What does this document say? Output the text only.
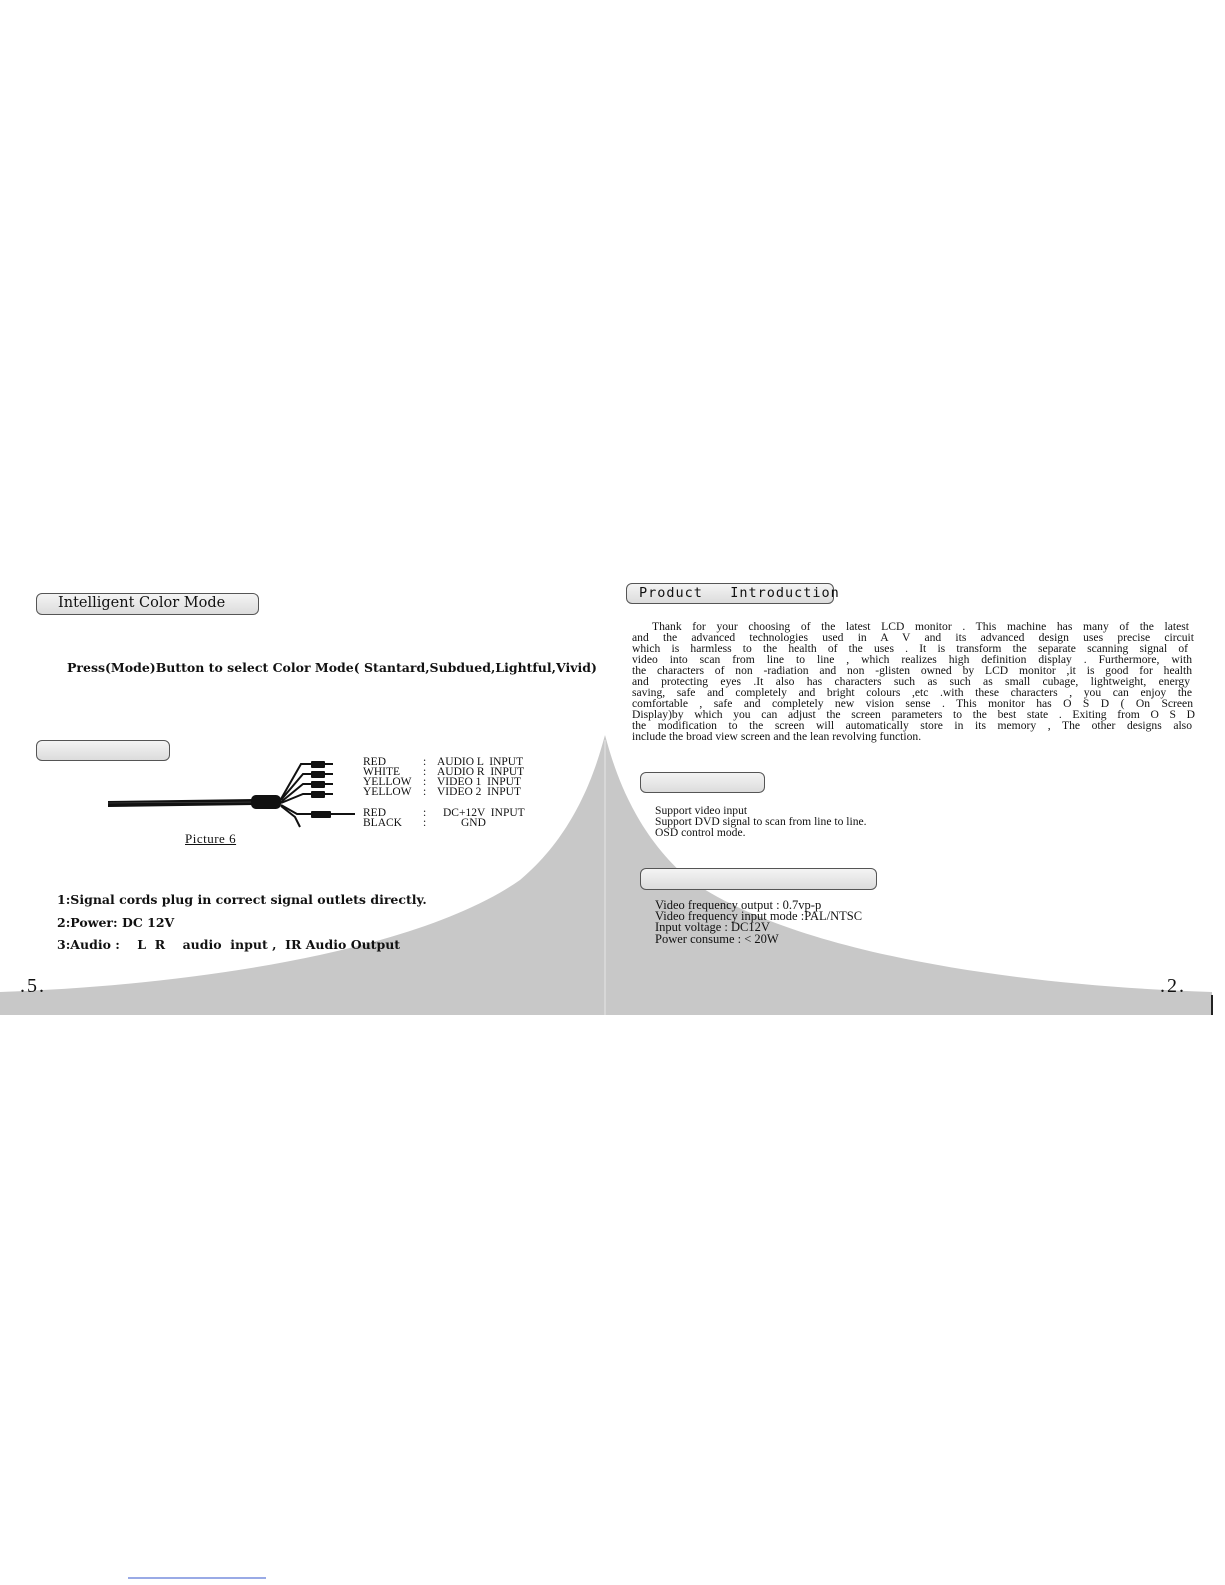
Intelligent Color Mode
Press(Mode)Button to select Color Mode( Stantard,Subdued,Lightful,Vivid)
RED	: AUDIO L  INPUT
WHITE : AUDIO R  INPUT
YELLOW : VIDEO 1  INPUT
YELLOW : VIDEO 2  INPUT
RED	: DC+12V  INPUT
BLACK :	GND
Picture 6
1:Signal cords plug in correct signal outlets directly.
2:Power: DC 12V
3:Audio :    L  R    audio  input ,  IR Audio Output
.5.
Product   Introduction
Thank for your choosing of the latest LCD monitor . This machine has many of the latest
and the advanced technologies used in A V and its advanced design uses precise circuit
which is harmless to the health of the uses . It is transform the separate scanning signal of
video into scan from line to line , which realizes high definition display . Furthermore, with
the characters of non -radiation and non -glisten owned by LCD monitor ,it is good for health
and protecting eyes .It also has characters such as such as small cubage, lightweight, energy
saving, safe and completely and bright colours ,etc .with these characters , you can enjoy the
comfortable , safe and completely new vision sense . This monitor has O S D ( On Screen
Display)by which you can adjust the screen parameters to the best state . Exiting from O S D
the modification to the screen will automatically store in its memory , The other designs also
include the broad view screen and the lean revolving function.
Support video input
Support DVD signal to scan from line to line.
OSD control mode.
Video frequency output : 0.7vp-p
Video frequency input mode :PAL/NTSC
Input voltage : DC12V
Power consume : < 20W
.2.
